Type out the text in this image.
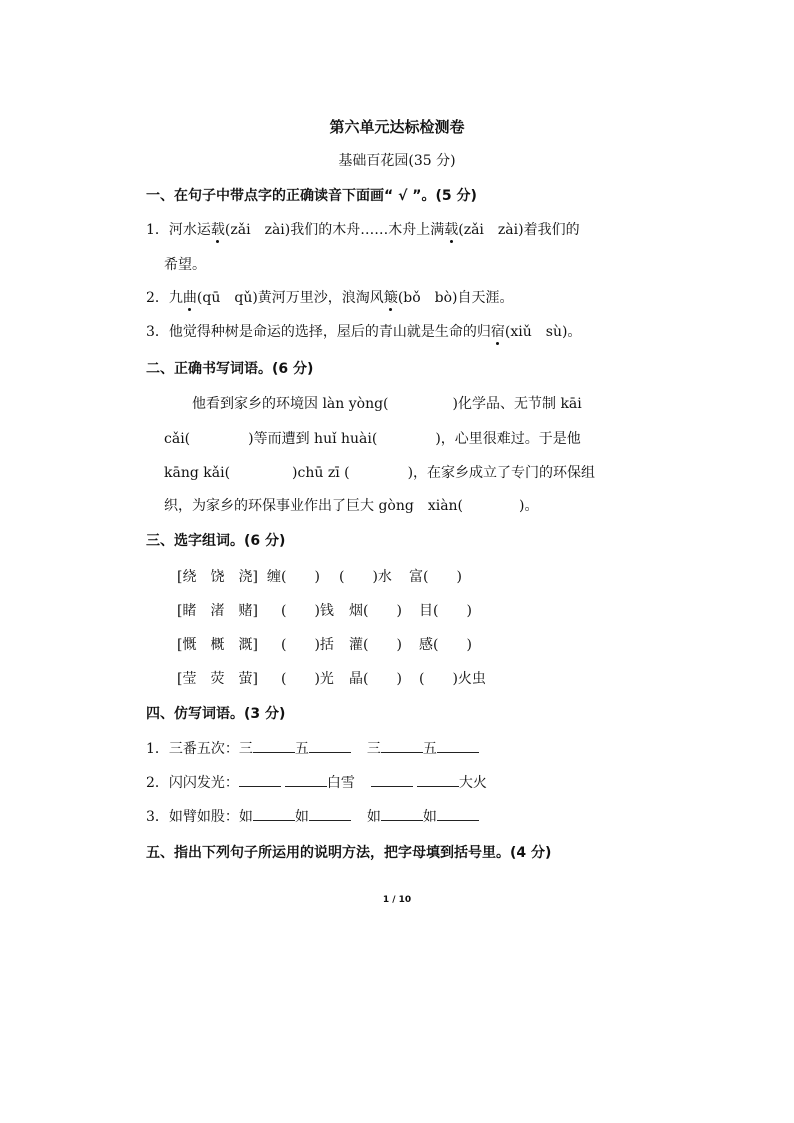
第六单元达标检测卷
基础百花园(35 分)
一、在句子中带点字的正确读音下面画“ √ ”。(5 分)
1．河水运载(zǎi　zài)我们的木舟……木舟上满载(zǎi　zài)着我们的
希望。
2．九曲(qū　qǔ)黄河万里沙，浪淘风簸(bǒ　bò)自天涯。
3．他觉得种树是命运的选择，屋后的青山就是生命的归宿(xiǔ　sù)。
二、正确书写词语。(6 分)
他看到家乡的环境因 làn yòng(	)化学品、无节制 kāi
cǎi(	)等而遭到 huǐ huài(	)，心里很难过。于是他
kāng kǎi(	)chū zī (	)，在家乡成立了专门的环保组
织，为家乡的环保事业作出了巨大 gòng　xiàn(	)。
三、选字组词。(6 分)
[绕　饶　浇] 缠(　　) (　　)水 富(　　)
[睹　渚　赌] (　　)钱 烟(　　) 目(　　)
[慨　概　溉] (　　)括 灌(　　) 感(　　)
[莹　荧　萤] (　　)光 晶(　　) (　　)火虫
四、仿写词语。(3 分)
1．三番五次：三	五	三	五
2．闪闪发光：	白雪	大火
3．如臂如股：如	如	如	如
五、指出下列句子所运用的说明方法，把字母填到括号里。(4 分)
1 / 10
